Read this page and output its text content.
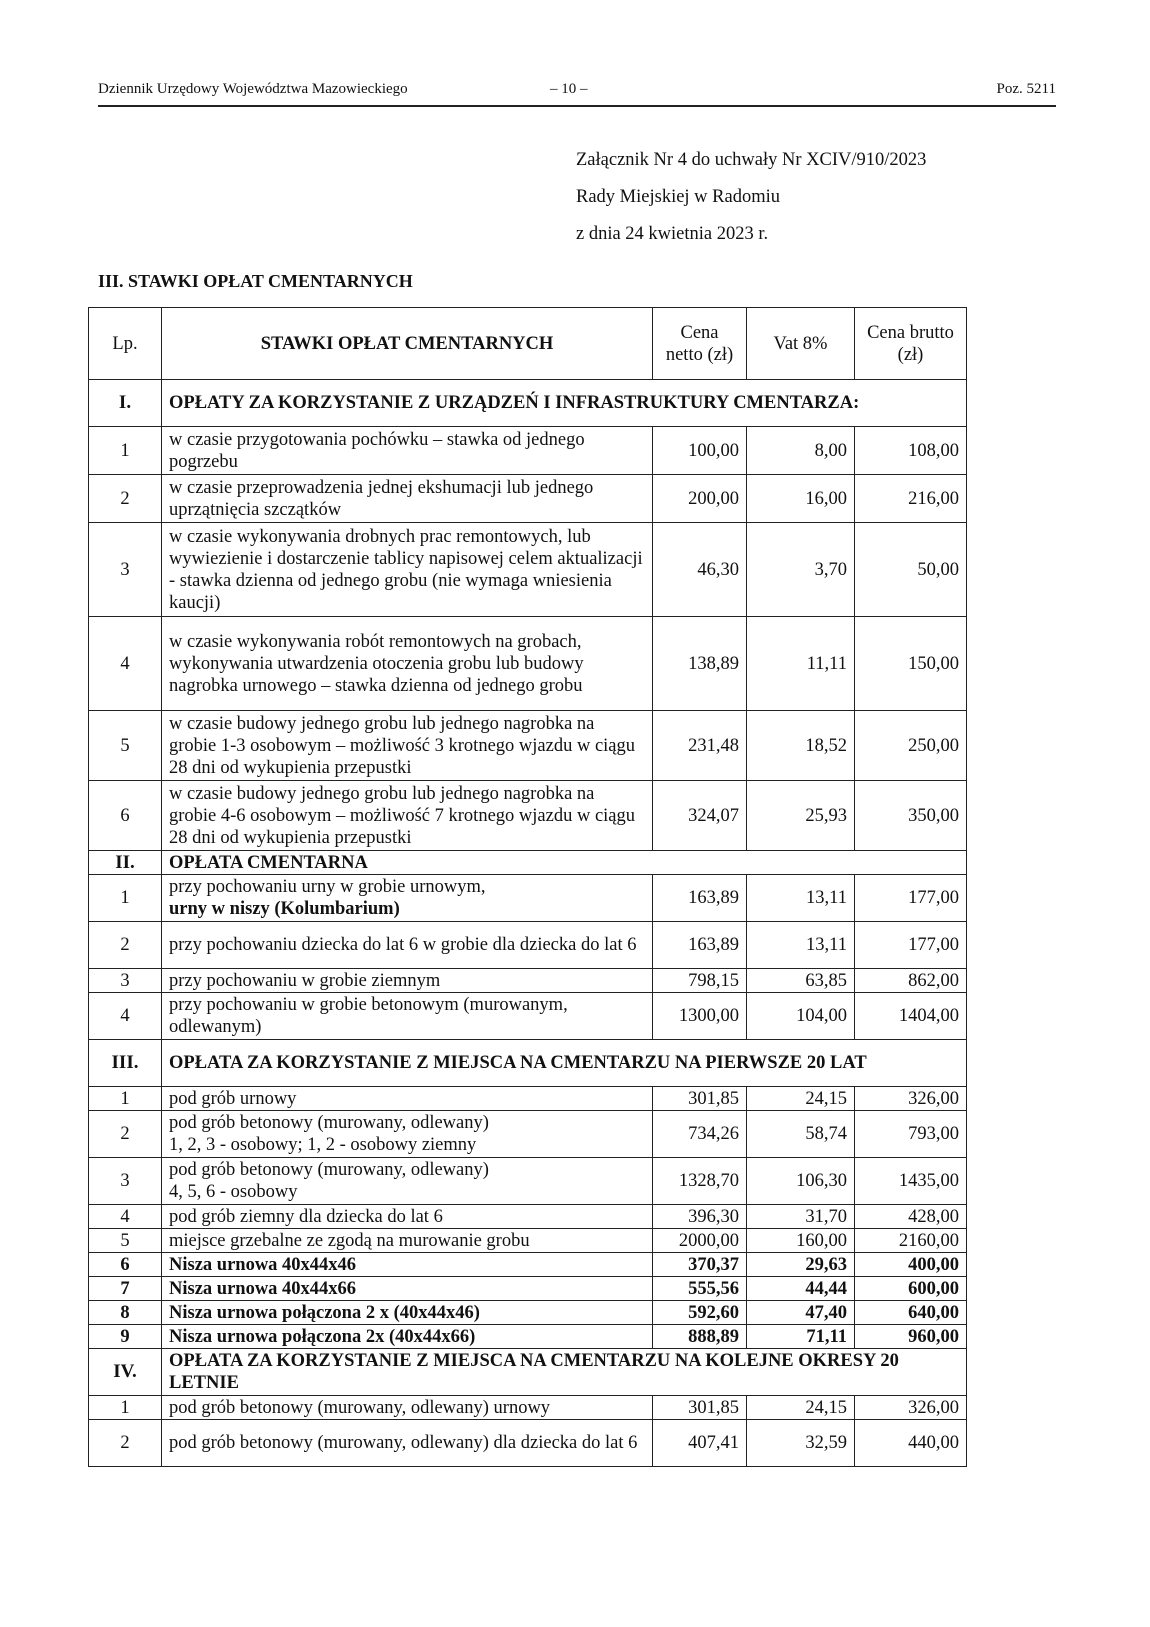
Dziennik Urzędowy Województwa Mazowieckiego	– 10 –	Poz. 5211
Załącznik Nr 4 do uchwały Nr XCIV/910/2023
Rady Miejskiej w Radomiu
z dnia 24 kwietnia 2023 r.
III. STAWKI OPŁAT CMENTARNYCH
Lp.	STAWKI OPŁAT CMENTARNYCH	Cena netto (zł)	Vat 8%	Cena brutto (zł)
I.	OPŁATY ZA KORZYSTANIE Z URZĄDZEŃ I INFRASTRUKTURY CMENTARZA:			
1	w czasie przygotowania pochówku – stawka od jednego pogrzebu	100,00	8,00	108,00
2	w czasie przeprowadzenia jednej ekshumacji lub jednego uprzątnięcia szczątków	200,00	16,00	216,00
3	w czasie wykonywania drobnych prac remontowych, lub wywiezienie i dostarczenie tablicy napisowej celem aktualizacji - stawka dzienna od jednego grobu (nie wymaga wniesienia kaucji)	46,30	3,70	50,00
4	w czasie wykonywania robót remontowych na grobach, wykonywania utwardzenia otoczenia grobu lub budowy nagrobka urnowego – stawka dzienna od jednego grobu	138,89	11,11	150,00
5	w czasie budowy jednego grobu lub jednego nagrobka na grobie 1-3 osobowym – możliwość 3 krotnego wjazdu w ciągu 28 dni od wykupienia przepustki	231,48	18,52	250,00
6	w czasie budowy jednego grobu lub jednego nagrobka na grobie 4-6 osobowym – możliwość 7 krotnego wjazdu w ciągu 28 dni od wykupienia przepustki	324,07	25,93	350,00
II.	OPŁATA CMENTARNA			
1	przy pochowaniu urny w grobie urnowym,
urny w niszy (Kolumbarium)	163,89	13,11	177,00
2	przy pochowaniu dziecka do lat 6 w grobie dla dziecka do lat 6	163,89	13,11	177,00
3	przy pochowaniu w grobie ziemnym	798,15	63,85	862,00
4	przy pochowaniu w grobie betonowym (murowanym, odlewanym)	1300,00	104,00	1404,00
III.	OPŁATA ZA KORZYSTANIE Z MIEJSCA NA CMENTARZU NA PIERWSZE 20 LAT			
1	pod grób urnowy	301,85	24,15	326,00
2	pod grób betonowy (murowany, odlewany)
1, 2, 3 - osobowy; 1, 2 - osobowy ziemny	734,26	58,74	793,00
3	pod grób betonowy (murowany, odlewany)
4, 5, 6 - osobowy	1328,70	106,30	1435,00
4	pod grób ziemny dla dziecka do lat 6	396,30	31,70	428,00
5	miejsce grzebalne ze zgodą na murowanie grobu	2000,00	160,00	2160,00
6	Nisza urnowa 40x44x46	370,37	29,63	400,00
7	Nisza urnowa 40x44x66	555,56	44,44	600,00
8	Nisza urnowa połączona 2 x (40x44x46)	592,60	47,40	640,00
9	Nisza urnowa połączona 2x (40x44x66)	888,89	71,11	960,00
IV.	OPŁATA ZA KORZYSTANIE Z MIEJSCA NA CMENTARZU NA KOLEJNE OKRESY 20 LETNIE			
1	pod grób betonowy (murowany, odlewany) urnowy	301,85	24,15	326,00
2	pod grób betonowy (murowany, odlewany) dla dziecka do lat 6	407,41	32,59	440,00
